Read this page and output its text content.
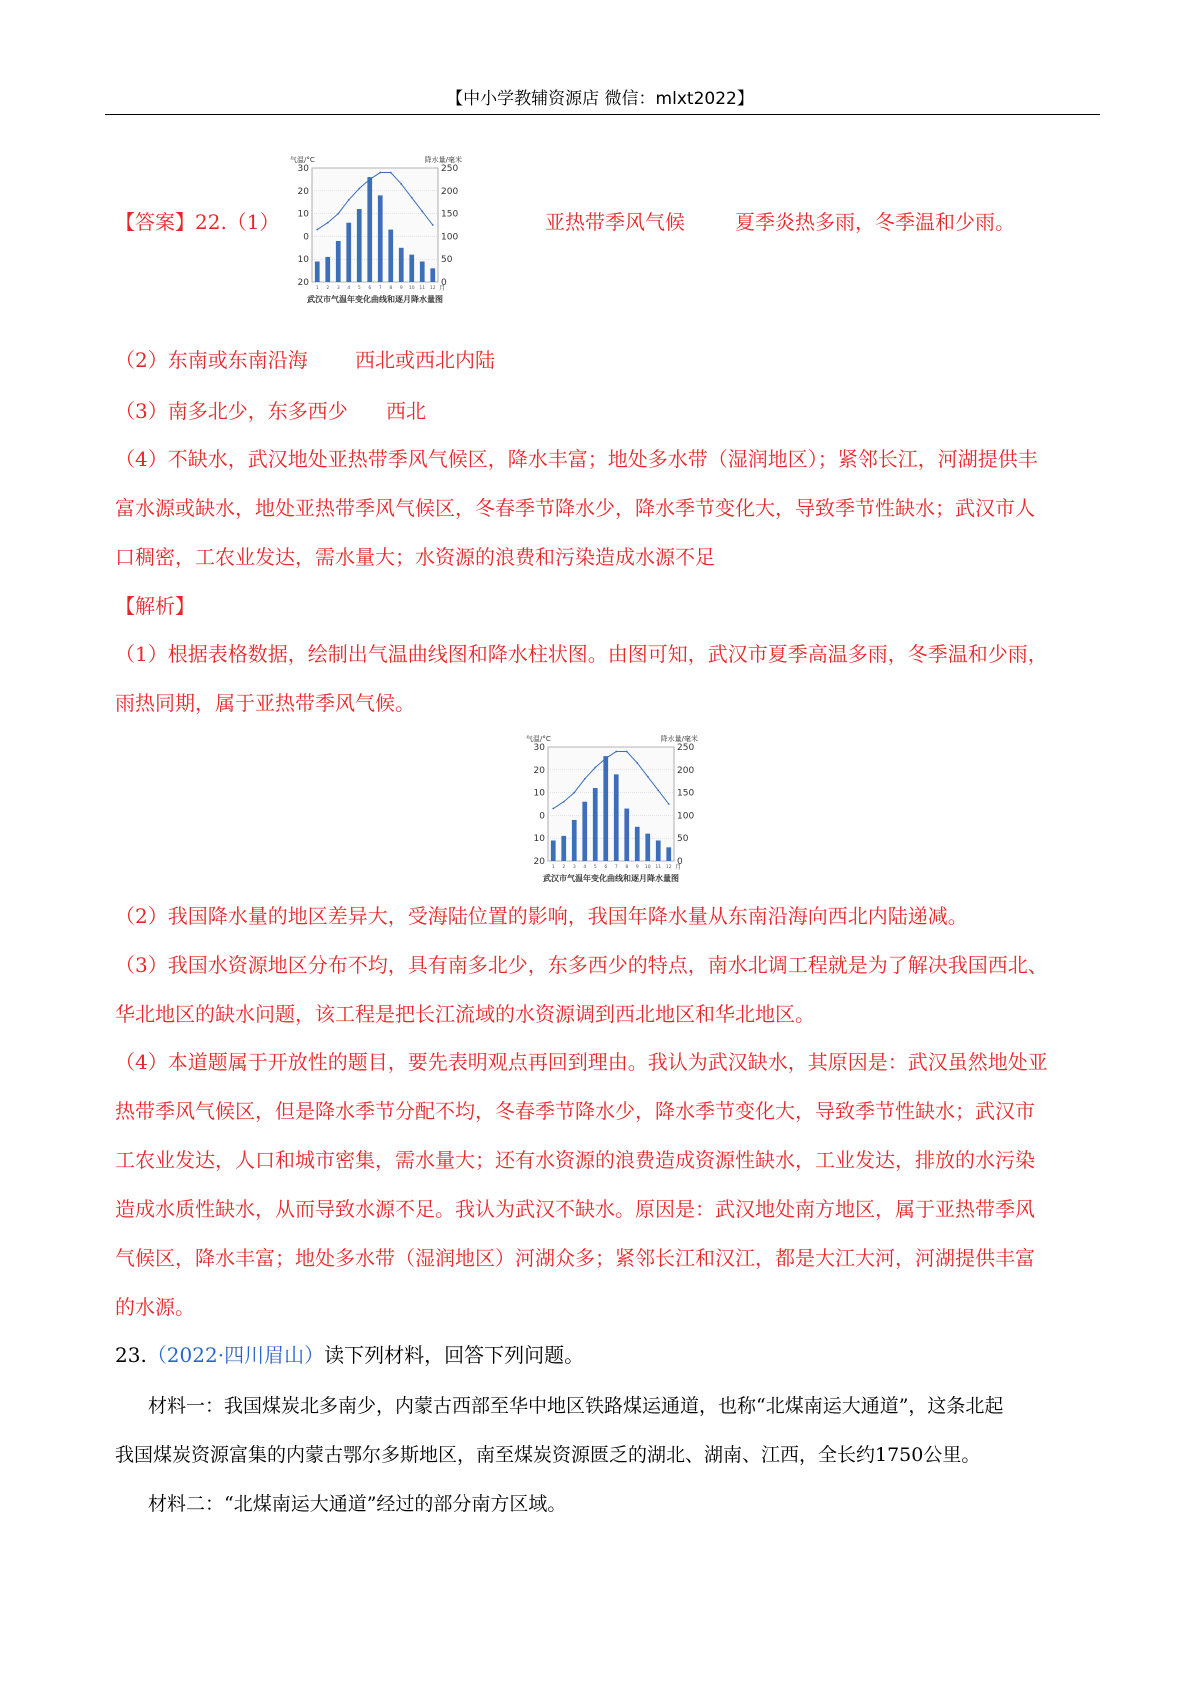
【中小学教辅资源店 微信：mlxt2022】
【答案】22.（1）	亚热带季风气候	夏季炎热多雨，冬季温和少雨。
气温/°C	降水量/毫米
30	250
20	200
10	150
0	100
10	50
20	0
1 2 3 4 5 6 7 8 9 10 11 12 月
武汉市气温年变化曲线和逐月降水量图
（2）东南或东南沿海 西北或西北内陆
（3）南多北少，东多西少 西北
（4）不缺水，武汉地处亚热带季风气候区，降水丰富；地处多水带（湿润地区）；紧邻长江，河湖提供丰
富水源或缺水，地处亚热带季风气候区，冬春季节降水少，降水季节变化大，导致季节性缺水；武汉市人
口稠密，工农业发达，需水量大；水资源的浪费和污染造成水源不足
【解析】
（1）根据表格数据，绘制出气温曲线图和降水柱状图。由图可知，武汉市夏季高温多雨，冬季温和少雨，
雨热同期，属于亚热带季风气候。
气温/°C	降水量/毫米
30	250
20	200
10	150
0	100
10	50
20	0
1 2 3 4 5 6 7 8 9 10 11 12 月
武汉市气温年变化曲线和逐月降水量图
（2）我国降水量的地区差异大，受海陆位置的影响，我国年降水量从东南沿海向西北内陆递减。
（3）我国水资源地区分布不均，具有南多北少，东多西少的特点，南水北调工程就是为了解决我国西北、
华北地区的缺水问题，该工程是把长江流域的水资源调到西北地区和华北地区。
（4）本道题属于开放性的题目，要先表明观点再回到理由。我认为武汉缺水，其原因是：武汉虽然地处亚
热带季风气候区，但是降水季节分配不均，冬春季节降水少，降水季节变化大，导致季节性缺水；武汉市
工农业发达，人口和城市密集，需水量大；还有水资源的浪费造成资源性缺水，工业发达，排放的水污染
造成水质性缺水，从而导致水源不足。我认为武汉不缺水。原因是：武汉地处南方地区，属于亚热带季风
气候区，降水丰富；地处多水带（湿润地区）河湖众多；紧邻长江和汉江，都是大江大河，河湖提供丰富
的水源。
23.（2022·四川眉山）读下列材料，回答下列问题。
材料一：我国煤炭北多南少，内蒙古西部至华中地区铁路煤运通道，也称“北煤南运大通道”，这条北起
我国煤炭资源富集的内蒙古鄂尔多斯地区，南至煤炭资源匮乏的湖北、湖南、江西，全长约1750公里。
材料二：“北煤南运大通道”经过的部分南方区域。
